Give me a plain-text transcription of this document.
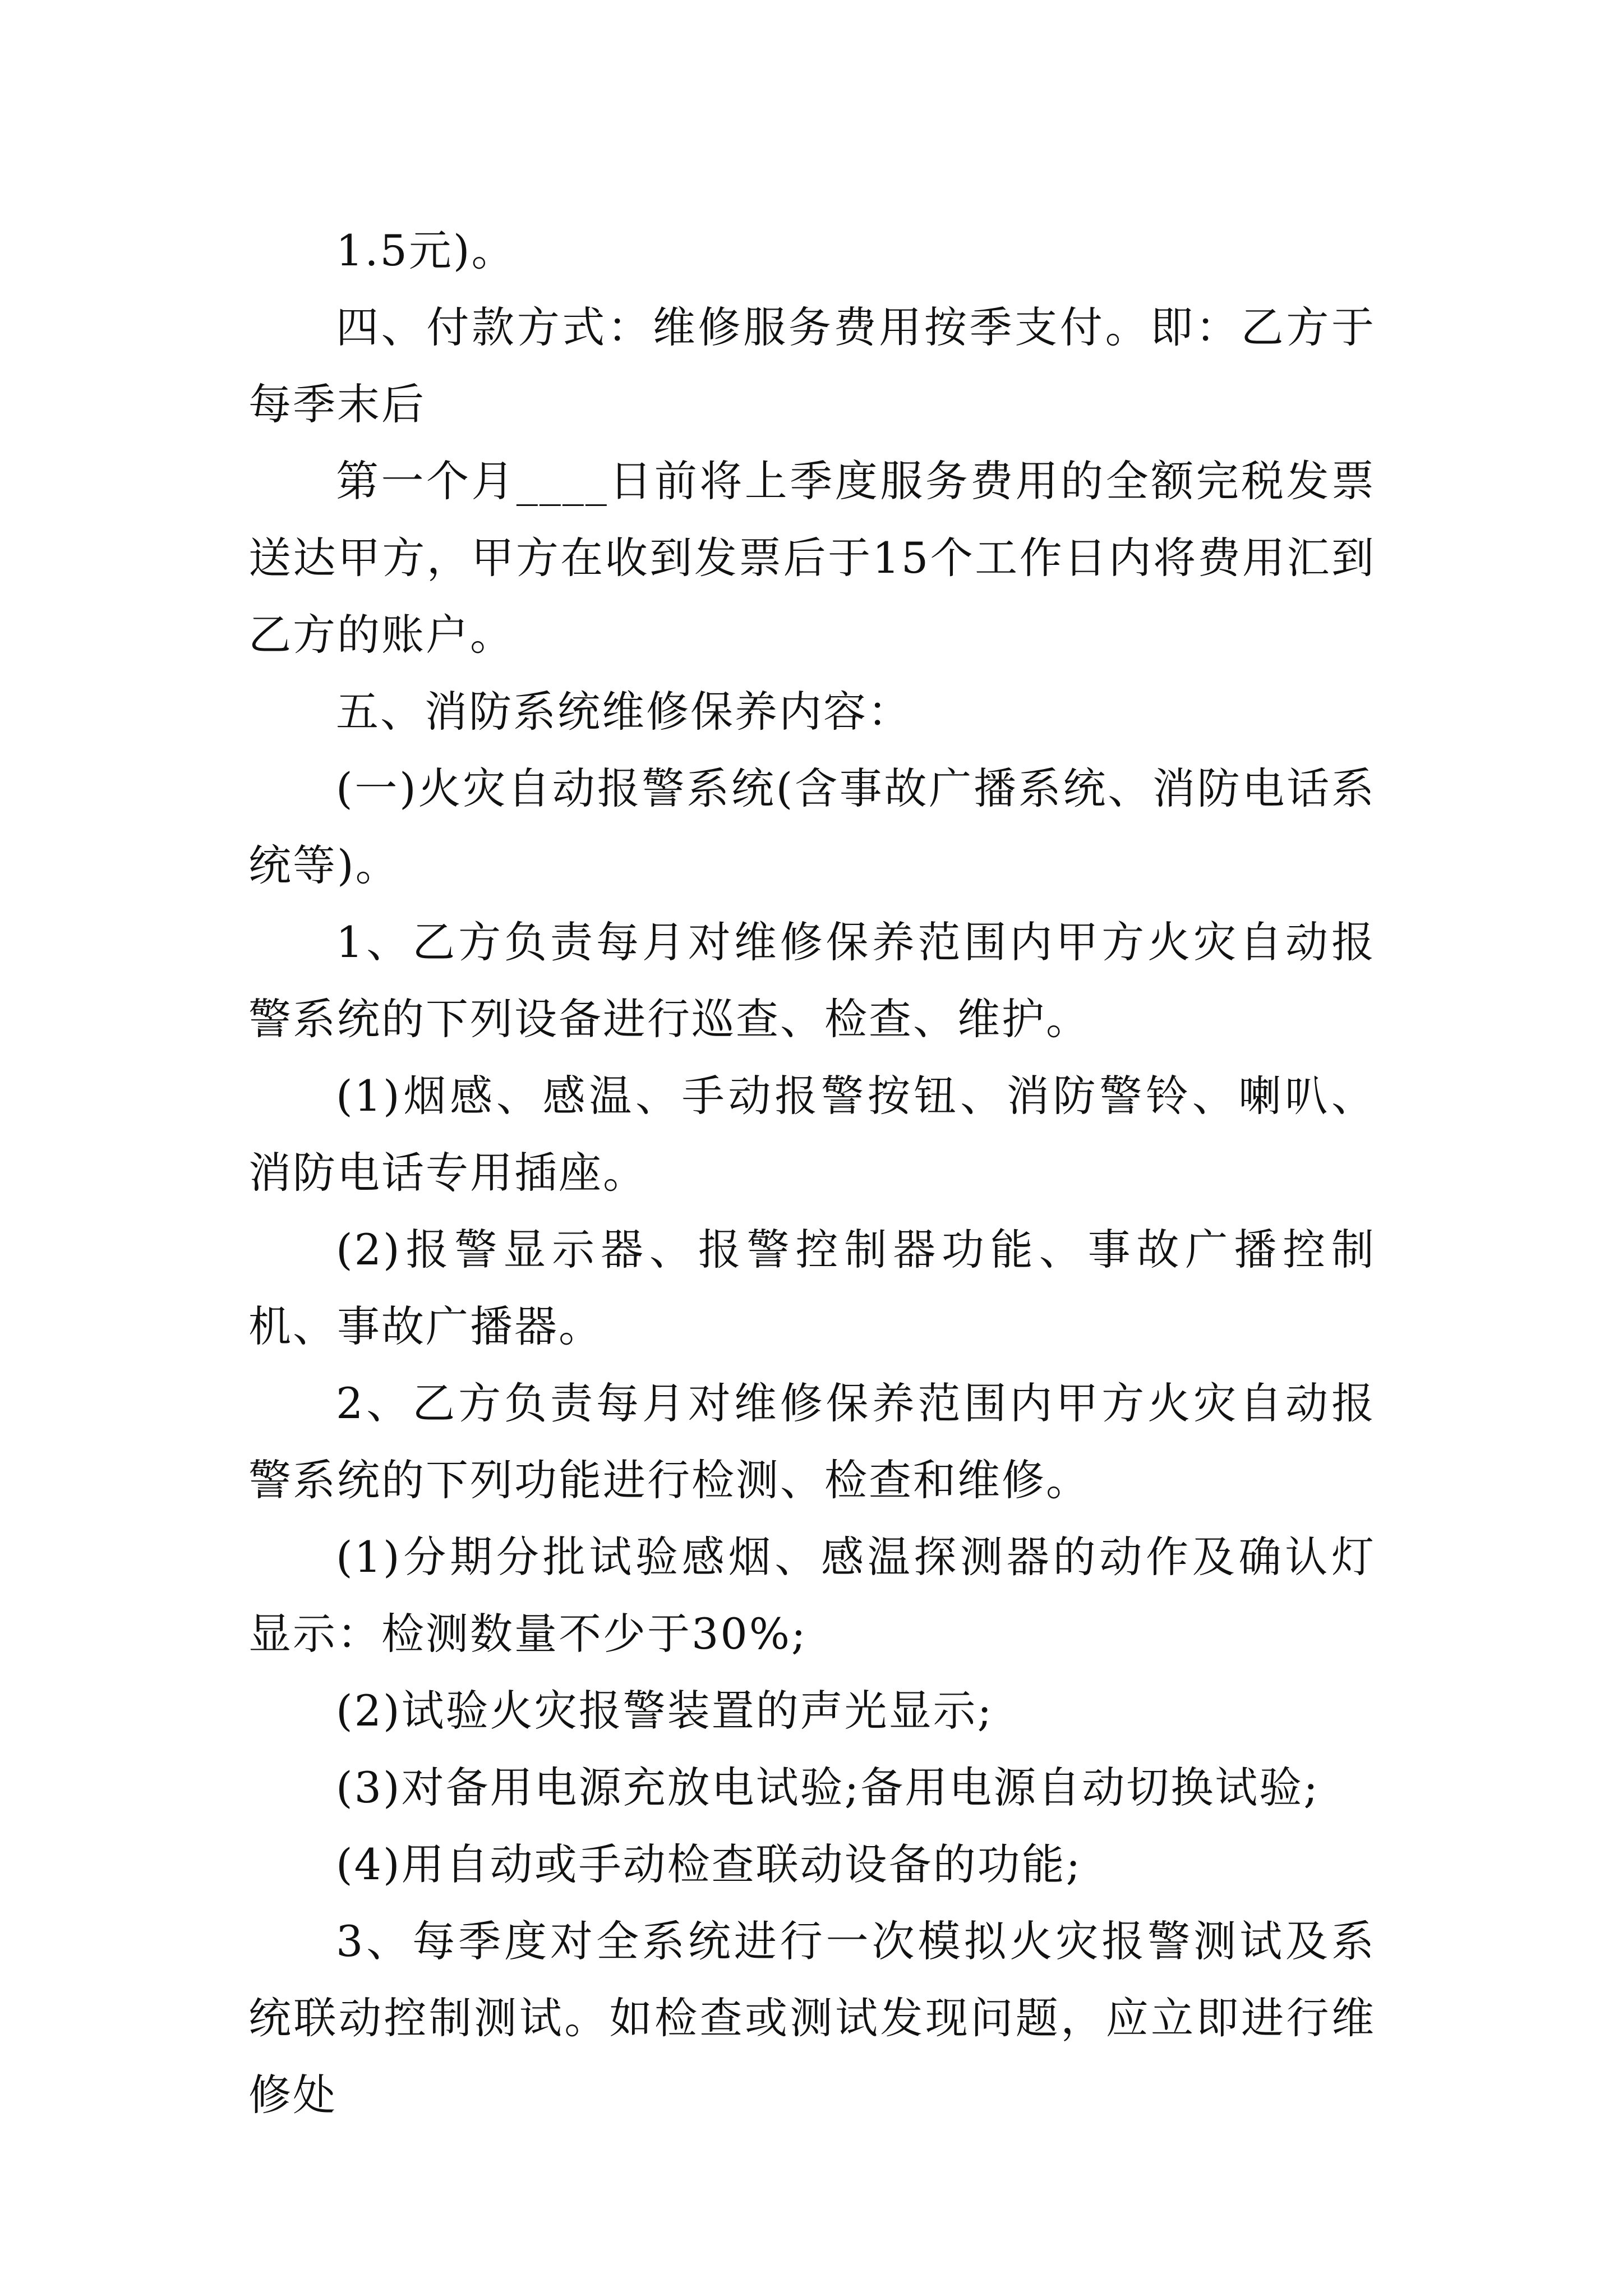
1.5元)。

四、付款方式：维修服务费用按季支付。即：乙方于每季末后

第一个月____日前将上季度服务费用的全额完税发票送达甲方，甲方在收到发票后于15个工作日内将费用汇到乙方的账户。

五、消防系统维修保养内容：

(一)火灾自动报警系统(含事故广播系统、消防电话系统等)。

1、乙方负责每月对维修保养范围内甲方火灾自动报警系统的下列设备进行巡查、检查、维护。

(1)烟感、感温、手动报警按钮、消防警铃、喇叭、消防电话专用插座。

(2)报警显示器、报警控制器功能、事故广播控制机、事故广播器。

2、乙方负责每月对维修保养范围内甲方火灾自动报警系统的下列功能进行检测、检查和维修。

(1)分期分批试验感烟、感温探测器的动作及确认灯显示：检测数量不少于30%;

(2)试验火灾报警装置的声光显示;

(3)对备用电源充放电试验;备用电源自动切换试验;

(4)用自动或手动检查联动设备的功能;

3、每季度对全系统进行一次模拟火灾报警测试及系统联动控制测试。如检查或测试发现问题，应立即进行维修处
